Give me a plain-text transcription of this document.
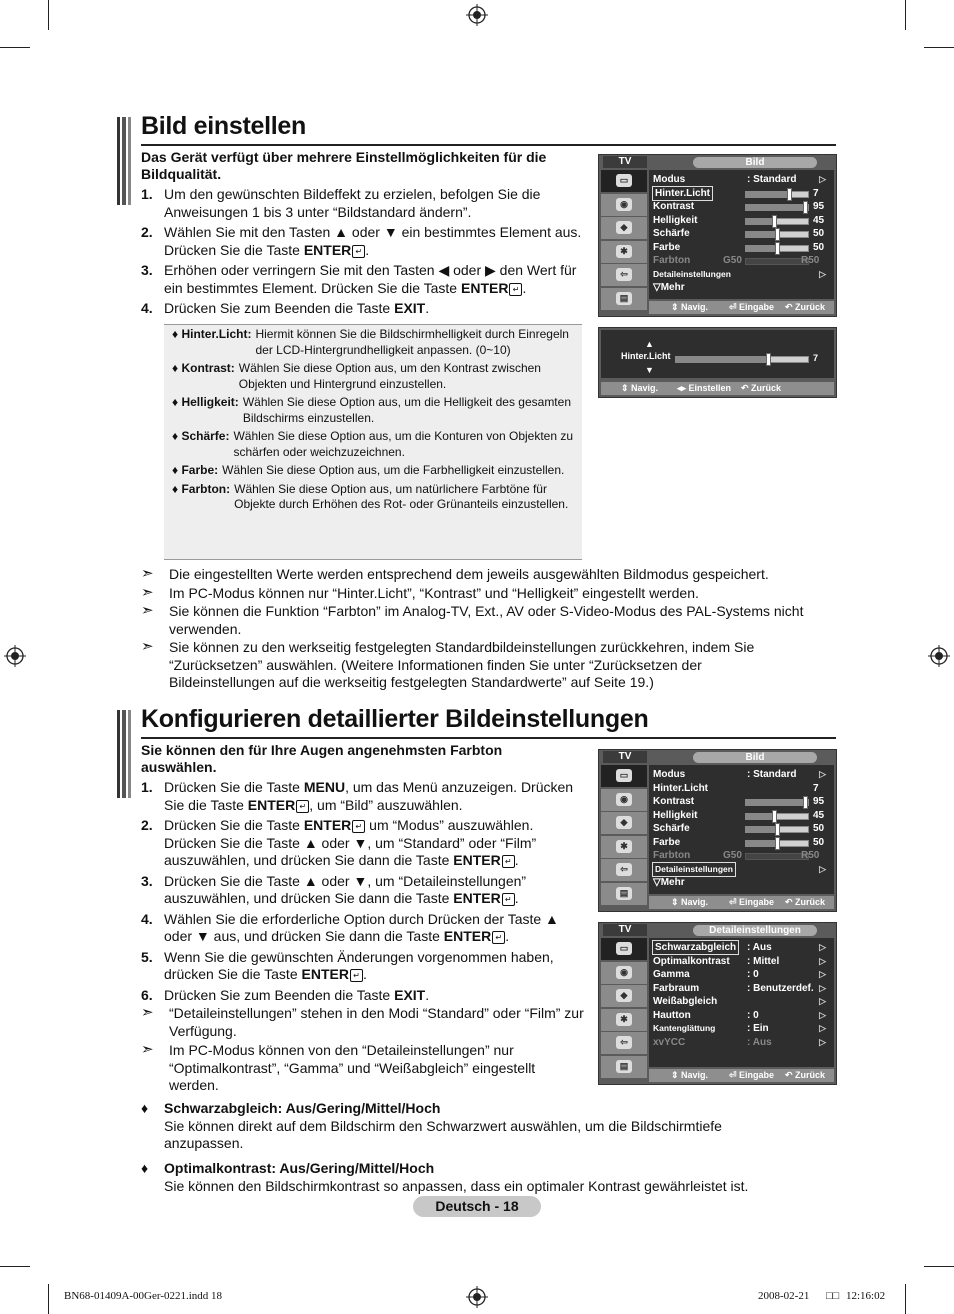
Bild einstellen
Das Gerät verfügt über mehrere Einstellmöglichkeiten für die Bildqualität.
1. Um den gewünschten Bildeffekt zu erzielen, befolgen Sie die Anweisungen 1 bis 3 unter “Bildstandard ändern”.
2. Wählen Sie mit den Tasten ▲ oder ▼ ein bestimmtes Element aus. Drücken Sie die Taste ENTER ↵ .
3. Erhöhen oder verringern Sie mit den Tasten ◀ oder ▶ den Wert für ein bestimmtes Element. Drücken Sie die Taste ENTER ↵ .
4. Drücken Sie zum Beenden die Taste EXIT.
♦ Hinter.Licht: Hiermit können Sie die Bildschirmhelligkeit durch Einregeln der LCD-Hintergrundhelligkeit anpassen. (0~10)
♦ Kontrast: Wählen Sie diese Option aus, um den Kontrast zwischen Objekten und Hintergrund einzustellen.
♦ Helligkeit: Wählen Sie diese Option aus, um die Helligkeit des gesamten Bildschirms einzustellen.
♦ Schärfe: Wählen Sie diese Option aus, um die Konturen von Objekten zu schärfen oder weichzuzeichnen.
♦ Farbe: Wählen Sie diese Option aus, um die Farbhelligkeit einzustellen.
♦ Farbton: Wählen Sie diese Option aus, um natürlichere Farbtöne für Objekte durch Erhöhen des Rot- oder Grünanteils einzustellen.
➣ Die eingestellten Werte werden entsprechend dem jeweils ausgewählten Bildmodus gespeichert.
➣ Im PC-Modus können nur “Hinter.Licht”, “Kontrast” und “Helligkeit” eingestellt werden.
➣ Sie können die Funktion “Farbton” im Analog-TV, Ext., AV oder S-Video-Modus des PAL-Systems nicht verwenden.
➣ Sie können zu den werkseitig festgelegten Standardbildeinstellungen zurückkehren, indem Sie “Zurücksetzen” auswählen. (Weitere Informationen finden Sie unter “Zurücksetzen der Bildeinstellungen auf die werkseitig festgelegten Standardwerte” auf Seite 19.)
TV	Bild
▭
◉
◆
✱
⇦
▤
Modus	: Standard	▷
Hinter.Licht	7
Kontrast	95
Helligkeit	45
Schärfe	50
Farbe	50
Farbton	G50	R50
Detaileinstellungen	▷
▽Mehr
⇕ Navig. ⏎ Eingabe ↶ Zurück
▲
Hinter.Licht
▼
7
⇕ Navig. ◂▸ Einstellen ↶ Zurück
Konfigurieren detaillierter Bildeinstellungen
Sie können den für Ihre Augen angenehmsten Farbton auswählen.
1. Drücken Sie die Taste MENU, um das Menü anzuzeigen. Drücken Sie die Taste ENTER ↵ , um “Bild” auszuwählen.
2. Drücken Sie die Taste ENTER ↵ um “Modus” auszuwählen. Drücken Sie die Taste ▲ oder ▼, um “Standard” oder “Film” auszuwählen, und drücken Sie dann die Taste ENTER ↵ .
3. Drücken Sie die Taste ▲ oder ▼, um “Detaileinstellungen” auszuwählen, und drücken Sie dann die Taste ENTER ↵ .
4. Wählen Sie die erforderliche Option durch Drücken der Taste ▲ oder ▼ aus, und drücken Sie dann die Taste ENTER ↵ .
5. Wenn Sie die gewünschten Änderungen vorgenommen haben, drücken Sie die Taste ENTER ↵ .
6. Drücken Sie zum Beenden die Taste EXIT.
➣ “Detaileinstellungen” stehen in den Modi “Standard” oder “Film” zur Verfügung.
➣ Im PC-Modus können von den “Detaileinstellungen” nur “Optimalkontrast”, “Gamma” und “Weißabgleich” eingestellt werden.
TV	Bild
▭
◉
◆
✱
⇦
▤
Modus	: Standard	▷
Hinter.Licht	7
Kontrast	95
Helligkeit	45
Schärfe	50
Farbe	50
Farbton	G50	R50
Detaileinstellungen	▷
▽Mehr
⇕ Navig. ⏎ Eingabe ↶ Zurück
TV	Detaileinstellungen
▭
◉
◆
✱
⇦
▤
Schwarzabgleich : Aus	▷
Optimalkontrast : Mittel	▷
Gamma	: 0	▷
Farbraum	: Benutzerdef. ▷
Weißabgleich	▷
Hautton	: 0	▷
Kantenglättung	: Ein	▷
xvYCC	: Aus	▷
⇕ Navig. ⏎ Eingabe ↶ Zurück
♦ Schwarzabgleich: Aus/Gering/Mittel/Hoch
Sie können direkt auf dem Bildschirm den Schwarzwert auswählen, um die Bildschirmtiefe anzupassen.
♦ Optimalkontrast: Aus/Gering/Mittel/Hoch
Sie können den Bildschirmkontrast so anpassen, dass ein optimaler Kontrast gewährleistet ist.
Deutsch - 18
BN68-01409A-00Ger-0221.indd 18	2008-02-21 □□ 12:16:02
